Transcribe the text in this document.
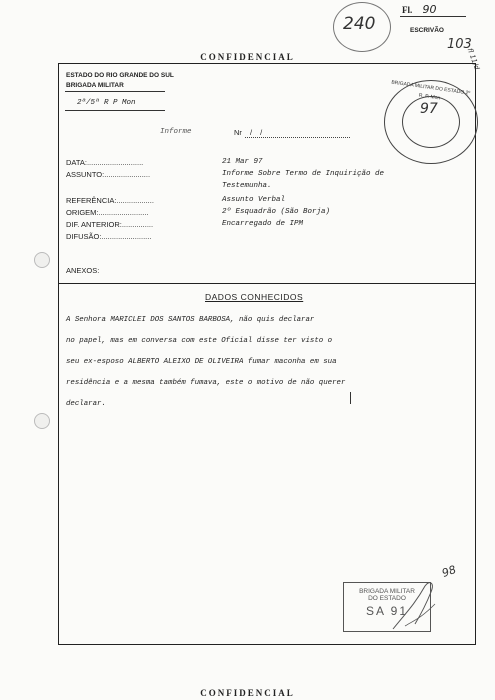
240
Fl. 90
ESCRIVÃO
103
fl 11/d
CONFIDENCIAL
ESTADO DO RIO GRANDE DO SUL
BRIGADA MILITAR
2ª/5ª R P Mon
Informe	Nr / /
BRIGADA MILITAR DO ESTADO 2º R. P. Mon
97
DATA:...........................	21 Mar 97
ASSUNTO:......................	Informe Sobre Termo de Inquirição de
Testemunha.
REFERÊNCIA:..................	Assunto Verbal
ORIGEM:........................	2º Esquadrão (São Borja)
DIF. ANTERIOR:...............	Encarregado de IPM
DIFUSÃO:........................
ANEXOS:
DADOS CONHECIDOS
A Senhora MARICLEI DOS SANTOS BARBOSA, não quis declarar
no papel, mas em conversa com este Oficial disse ter visto o
seu ex-esposo ALBERTO ALEIXO DE OLIVEIRA fumar maconha em sua
residência e a mesma também fumava, este o motivo de não querer
declarar.
BRIGADA MILITAR
DO ESTADO
SA 91
98
CONFIDENCIAL
